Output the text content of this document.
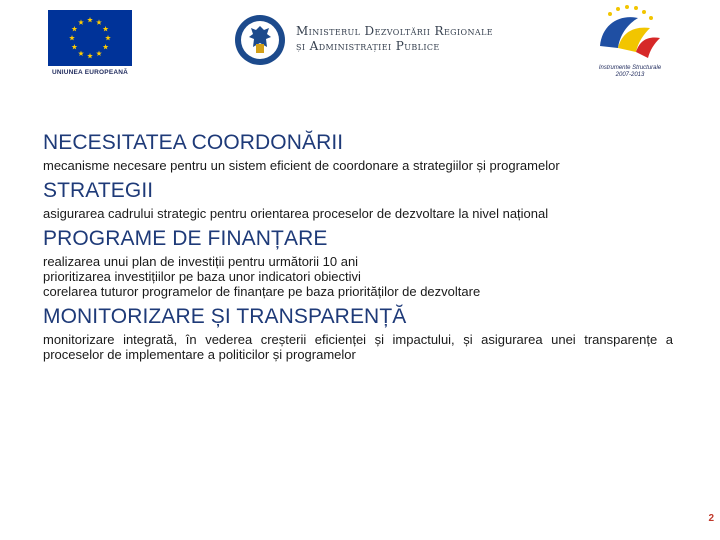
UNIUNEA EUROPEANĂ
Ministerul Dezvoltării Regionale
și Administrației Publice
Instrumente Structurale
2007-2013
NECESITATEA COORDONĂRII

mecanisme necesare pentru un sistem eficient de coordonare a strategiilor și programelor

STRATEGII

asigurarea cadrului strategic pentru orientarea proceselor de dezvoltare la nivel național

PROGRAME DE FINANȚARE

realizarea unui plan de investiții pentru următorii 10 ani
prioritizarea investițiilor pe baza unor indicatori obiectivi
corelarea tuturor programelor de finanțare pe baza priorităților de dezvoltare

MONITORIZARE ȘI TRANSPARENȚĂ

monitorizare integrată, în vederea creșterii eficienței și impactului, și asigurarea unei transparențe a proceselor de implementare a politicilor și programelor

2
